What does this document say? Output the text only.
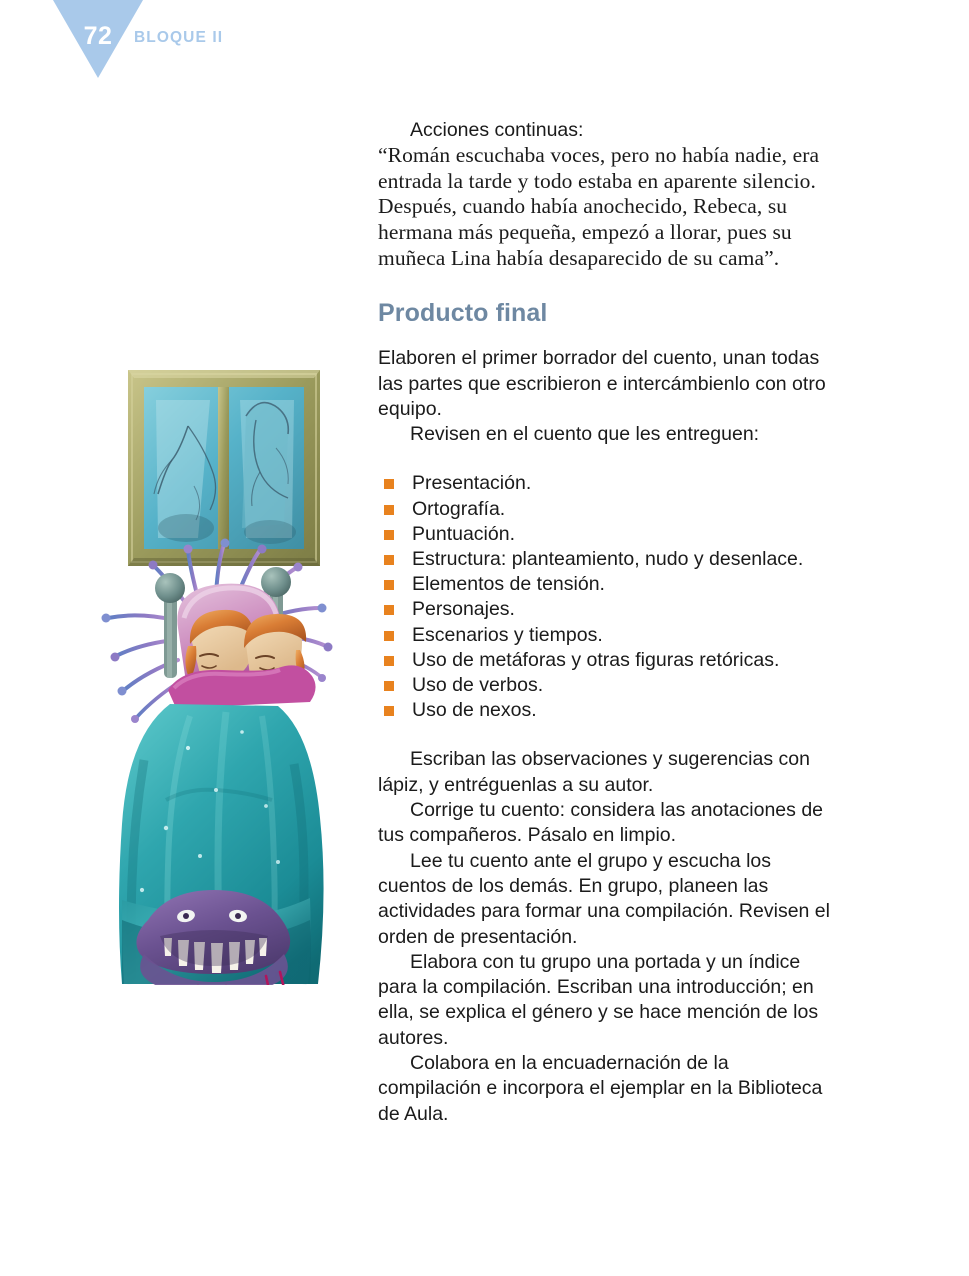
72	BLOQUE II

Acciones continuas:

“Román escuchaba voces, pero no había nadie, era entrada la tarde y todo estaba en aparente silencio. Después, cuando había anochecido, Rebeca, su hermana más pequeña, empezó a llorar, pues su muñeca Lina había desaparecido de su cama”.

Producto final

Elaboren el primer borrador del cuento, unan todas las partes que escribieron e intercámbienlo con otro equipo.

Revisen en el cuento que les entreguen:

Presentación.
Ortografía.
Puntuación.
Estructura: planteamiento, nudo y desenlace.
Elementos de tensión.
Personajes.
Escenarios y tiempos.
Uso de metáforas y otras figuras retóricas.
Uso de verbos.
Uso de nexos.

Escriban las observaciones y sugerencias con lápiz, y entréguenlas a su autor.

Corrige tu cuento: considera las anotaciones de tus compañeros. Pásalo en limpio.

Lee tu cuento ante el grupo y escucha los cuentos de los demás. En grupo, planeen las actividades para formar una compilación. Revisen el orden de presentación.

Elabora con tu grupo una portada y un índice para la compilación. Escriban una introducción; en ella, se explica el género y se hace mención de los autores.

Colabora en la encuadernación de la compilación e incorpora el ejemplar en la Biblioteca de Aula.
